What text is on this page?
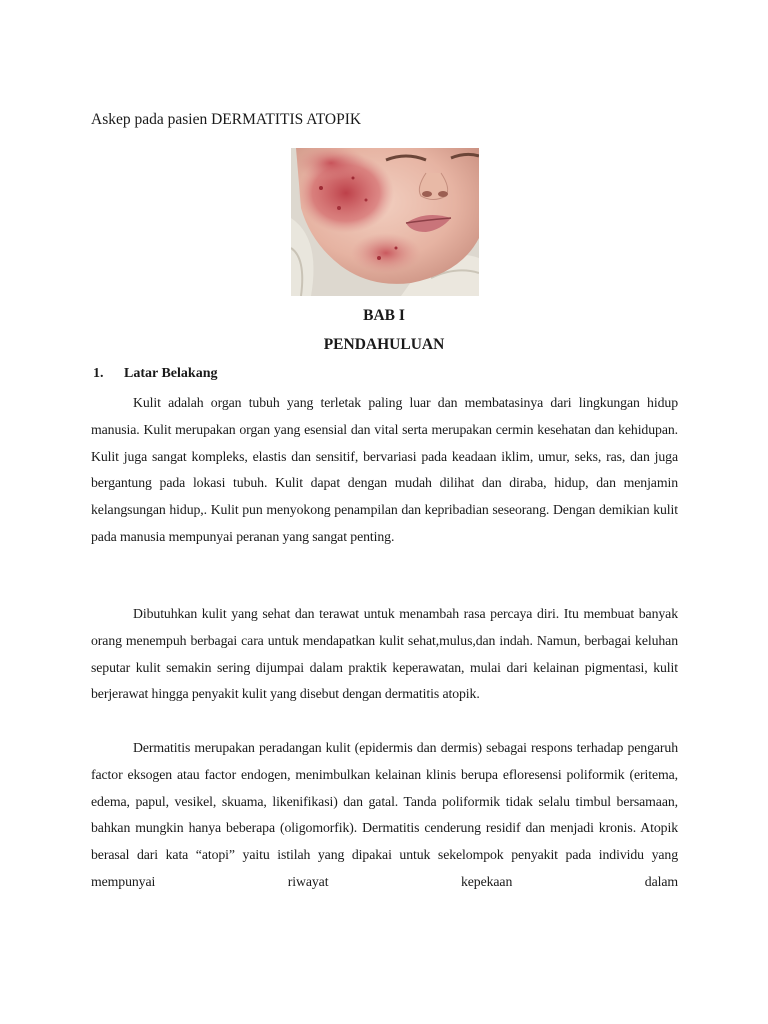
Askep pada pasien DERMATITIS ATOPIK

BAB I

PENDAHULUAN

1. Latar Belakang

Kulit adalah organ tubuh yang terletak paling luar dan membatasinya dari lingkungan hidup manusia. Kulit merupakan organ yang esensial dan vital serta merupakan cermin kesehatan dan kehidupan. Kulit juga sangat kompleks, elastis dan sensitif, bervariasi pada keadaan iklim, umur, seks, ras, dan juga bergantung pada lokasi tubuh. Kulit dapat dengan mudah dilihat dan diraba, hidup, dan menjamin kelangsungan hidup,. Kulit pun menyokong penampilan dan kepribadian seseorang. Dengan demikian kulit pada manusia mempunyai peranan yang sangat penting.

Dibutuhkan kulit yang sehat dan terawat untuk menambah rasa percaya diri. Itu membuat banyak orang menempuh berbagai cara untuk mendapatkan kulit sehat,mulus,dan indah. Namun, berbagai keluhan seputar kulit semakin sering dijumpai dalam praktik keperawatan, mulai dari kelainan pigmentasi, kulit berjerawat hingga penyakit kulit yang disebut dengan dermatitis atopik.

Dermatitis merupakan peradangan kulit (epidermis dan dermis) sebagai respons terhadap pengaruh factor eksogen atau factor endogen, menimbulkan kelainan klinis berupa efloresensi poliformik (eritema, edema, papul, vesikel, skuama, likenifikasi) dan gatal. Tanda poliformik tidak selalu timbul bersamaan, bahkan mungkin hanya beberapa (oligomorfik). Dermatitis cenderung residif dan menjadi kronis. Atopik berasal dari kata “atopi” yaitu istilah yang dipakai untuk sekelompok penyakit pada individu yang mempunyai riwayat kepekaan dalam
